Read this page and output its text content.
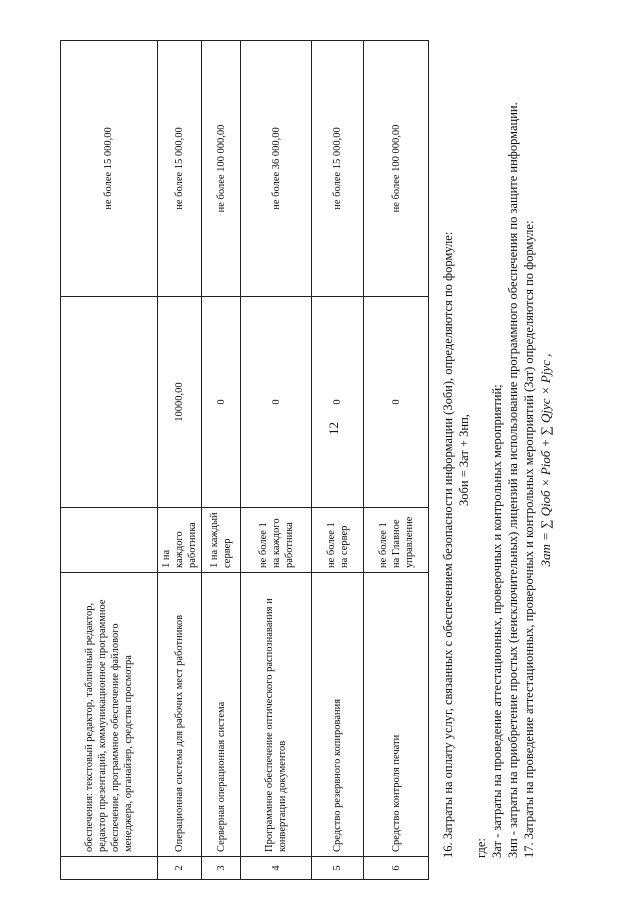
12
	обеспечения: текстовый редактор, табличный редактор, редактор презентаций, коммуникационное программное обеспечение, программное обеспечение файлового менеджера, органайзер, средства просмотра			не более 15 000,00
2	Операционная система для рабочих мест работников	1 на каждого работника	10000,00	не более 15 000,00
3	Серверная операционная система	1 на каждый сервер	0	не более 100 000,00
4	Программное обеспечение оптического распознавания и конвертации документов	не более 1 на каждого работника	0	не более 36 000,00
5	Средство резервного копирования	не более 1 на сервер	0	не более 15 000,00
6	Средство контроля печати	не более 1 на Главное управление	0	не более 100 000,00

16. Затраты на оплату услуг, связанных с обеспечением безопасности информации (Зоби), определяются по формуле: Зоби = Зат + Знп,

где: Зат - затраты на проведение аттестационных, проверочных и контрольных мероприятий; Знп - затраты на приобретение простых (неисключительных) лицензий на использование программного обеспечения по защите информации. 17. Затраты на проведение аттестационных, проверочных и контрольных мероприятий (Зат) определяются по формуле: Зат = ∑ Qiоб × Piоб + ∑ Qjус × Pjус ,
